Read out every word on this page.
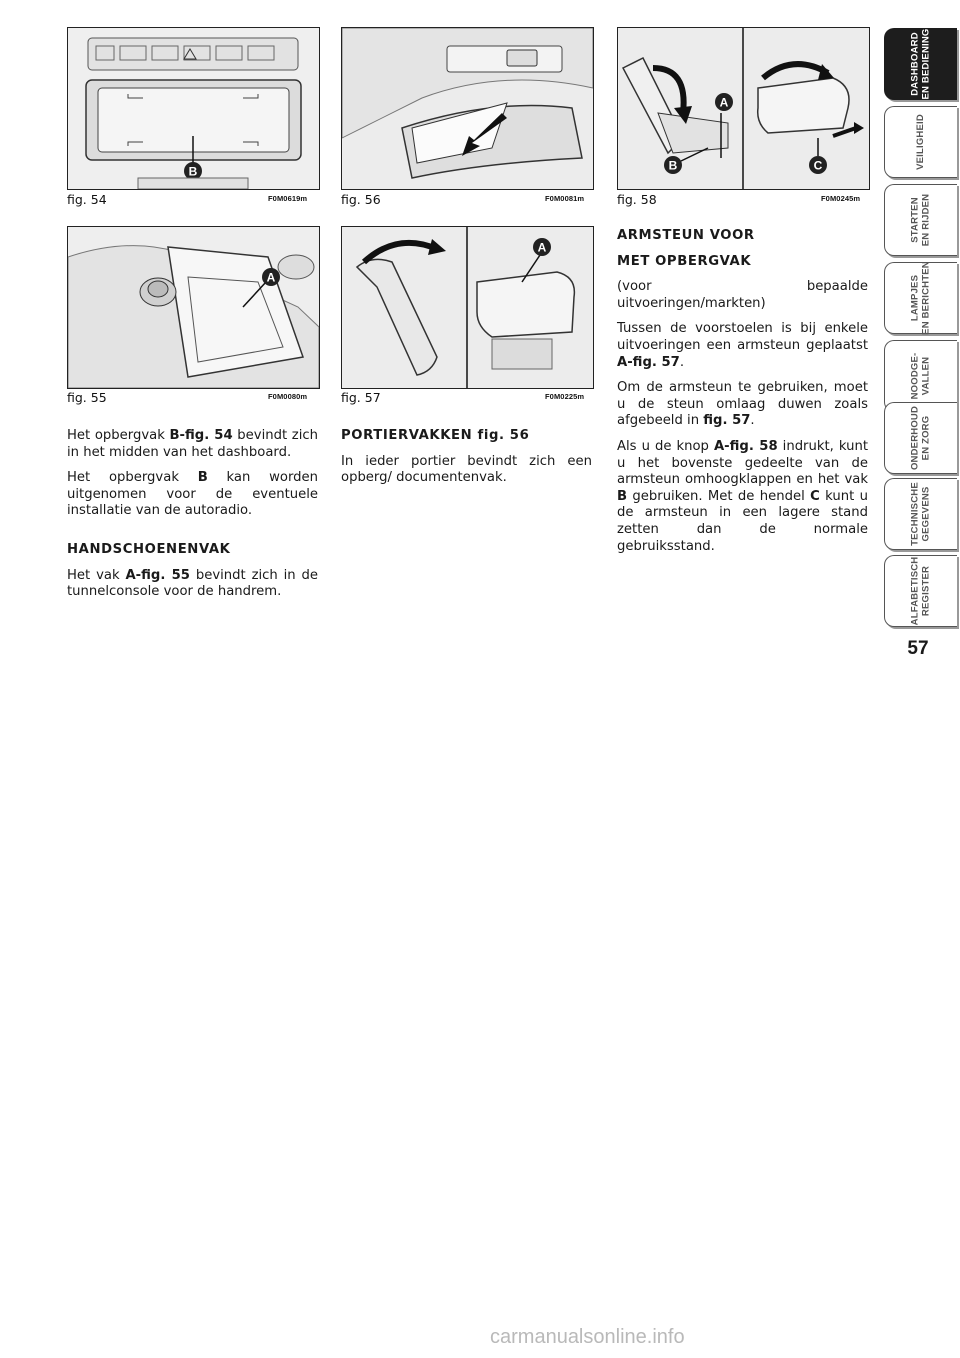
B
fig. 54	F0M0619m
A
fig. 55	F0M0080m
fig. 56	F0M0081m
A
fig. 57	F0M0225m
A
B	C
fig. 58	F0M0245m

Het opbergvak B-fig. 54 bevindt zich in het midden van het dashboard.

Het opbergvak B kan worden uitgenomen voor de eventuele installatie van de autoradio.

HANDSCHOENENVAK

Het vak A-fig. 55 bevindt zich in de tunnelconsole voor de handrem.

PORTIERVAKKEN fig. 56

In ieder portier bevindt zich een opberg/ documentenvak.

ARMSTEUN VOOR

MET OPBERGVAK

(voor bepaalde uitvoeringen/markten)

Tussen de voorstoelen is bij enkele uitvoeringen een armsteun geplaatst A-fig. 57.

Om de armsteun te gebruiken, moet u de steun omlaag duwen zoals afgebeeld in fig. 57.

Als u de knop A-fig. 58 indrukt, kunt u het bovenste gedeelte van de armsteun omhoogklappen en het vak B gebruiken. Met de hendel C kunt u de armsteun in een lagere stand zetten dan de normale gebruiksstand.

DASHBOARD
EN BEDIENING
VEILIGHEID
STARTEN
EN RIJDEN
LAMPJES
EN BERICHTEN
NOODGE-
VALLEN
ONDERHOUD
EN ZORG
TECHNISCHE
GEGEVENS
ALFABETISCH
REGISTER
57
carmanualsonline.info
